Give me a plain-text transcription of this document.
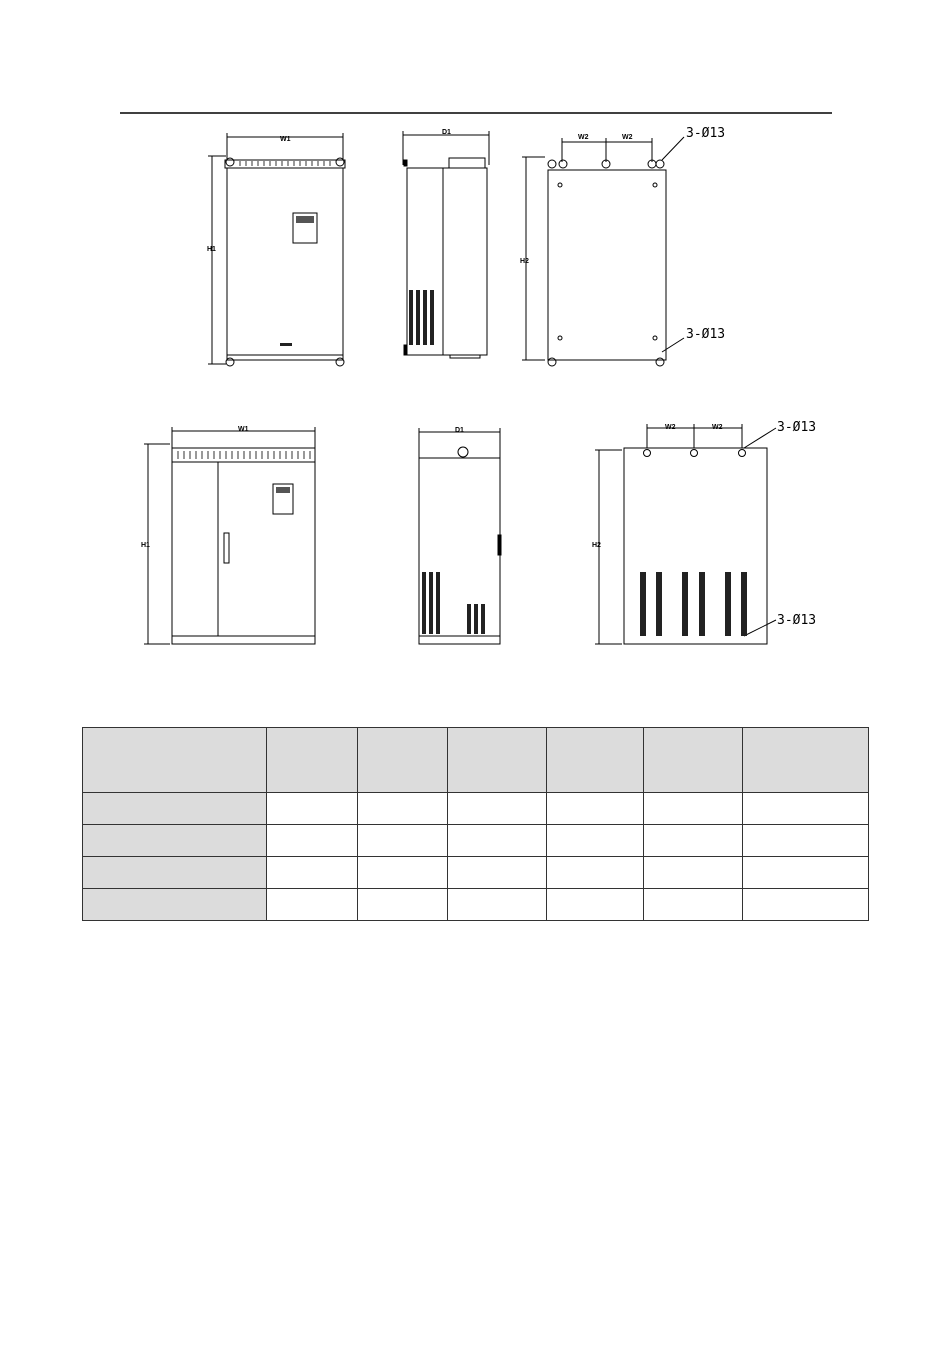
W1
H1
D1
W2	W2
H2
3-Ø13
3-Ø13
W1
H1
D1	W2	W2
H2
3-Ø13
3-Ø13
